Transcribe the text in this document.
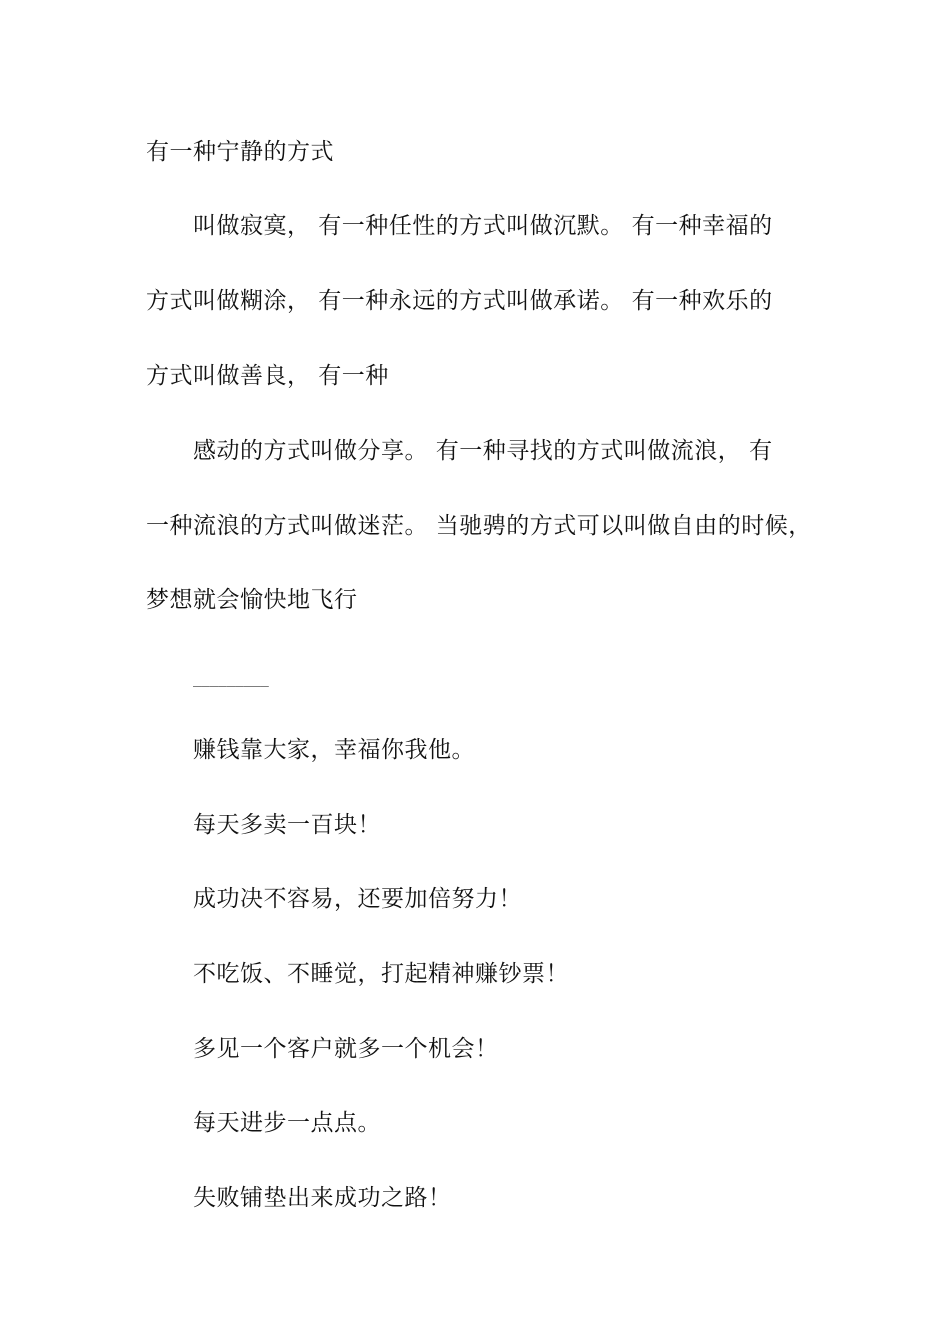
有一种宁静的方式
叫做寂寞， 有一种任性的方式叫做沉默。 有一种幸福的
方式叫做糊涂， 有一种永远的方式叫做承诺。 有一种欢乐的
方式叫做善良， 有一种
感动的方式叫做分享。 有一种寻找的方式叫做流浪， 有
一种流浪的方式叫做迷茫。 当驰骋的方式可以叫做自由的时候，
梦想就会愉快地飞行
_________
赚钱靠大家，幸福你我他。
每天多卖一百块！
成功决不容易，还要加倍努力！
不吃饭、不睡觉，打起精神赚钞票！
多见一个客户就多一个机会！
每天进步一点点。
失败铺垫出来成功之路！
